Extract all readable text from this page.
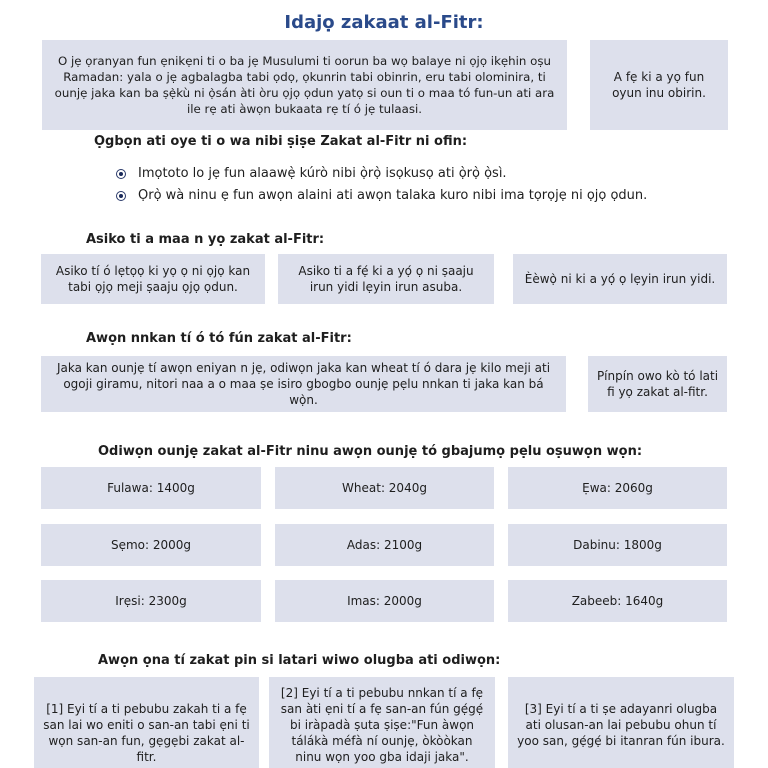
Idajọ zakaat al-Fitr:
O jẹ ọranyan fun ẹnikẹni ti o ba jẹ Musulumi ti oorun ba wọ balaye ni ọjọ ikẹhin oṣu Ramadan: yala o jẹ agbalagba tabi ọdọ, ọkunrin tabi obinrin, eru tabi olominira, ti ounjẹ jaka kan ba ṣẹ̀kù ni ọ̀sán àti òru ọjọ ọdun yatọ si oun ti o maa tó fun-un ati ara ile rẹ ati àwọn bukaata rẹ tí ó jẹ tulaasi.
A fẹ ki a yọ fun oyun inu obirin.
Ọgbọn ati oye ti o wa nibi ṣiṣe Zakat al-Fitr ni ofin:
Imọtoto lo jẹ fun alaawẹ̀ kúrò nibi ọ̀rọ̀ isọkusọ ati ọ̀rọ̀ ọ̀sì.
Ọrọ̀ wà ninu ẹ fun awọn alaini ati awọn talaka kuro nibi ima tọrọjẹ ni ọjọ ọdun.
Asiko ti a maa n yọ zakat al-Fitr:
Asiko tí ó lẹtọọ ki yọ ọ ni ọjọ kan tabi ọjọ meji ṣaaju ọjọ ọdun.
Asiko ti a fẹ́ ki a yọ́ ọ ni ṣaaju irun yidi lẹyin irun asuba.
Èèwọ̀ ni ki a yọ́ ọ lẹyin irun yidi.
Awọn nnkan tí ó tó fún zakat al-Fitr:
Jaka kan ounjẹ tí awọn eniyan n jẹ, odiwọn jaka kan wheat tí ó dara jẹ kilo meji ati ogoji giramu, nitori naa a o maa ṣe isiro gbogbo ounjẹ pẹlu nnkan ti jaka kan bá wọ̀n.
Pínpín owo kò tó lati fi yọ zakat al-fitr.
Odiwọn ounjẹ zakat al-Fitr ninu awọn ounjẹ tó gbajumọ pẹlu oṣuwọn wọn:
Fulawa: 1400g	Wheat: 2040g	Ẹwa: 2060g
Sẹmo: 2000g	Adas: 2100g	Dabinu: 1800g
Irẹsi: 2300g	Imas: 2000g	Zabeeb: 1640g
Awọn ọna tí zakat pin si latari wiwo olugba ati odiwọn:
[1] Eyi tí a ti pebubu zakah ti a fẹ san lai wo eniti o san-an tabi ẹni ti wọn san-an fun, gẹgẹbi zakat al-fitr.
[2] Eyi tí a ti pebubu nnkan tí a fẹ san àti ẹni tí a fẹ san-an fún gẹ́gẹ́ bi iràpadà ṣuta ṣiṣe:"Fun àwọn tálákà méfà ní ounjẹ, òkòòkan ninu wọn yoo gba idaji jaka".
[3] Eyi tí a ti ṣe adayanri olugba ati olusan-an lai pebubu ohun tí yoo san, gẹ́gẹ́ bi itanran fún ibura.
